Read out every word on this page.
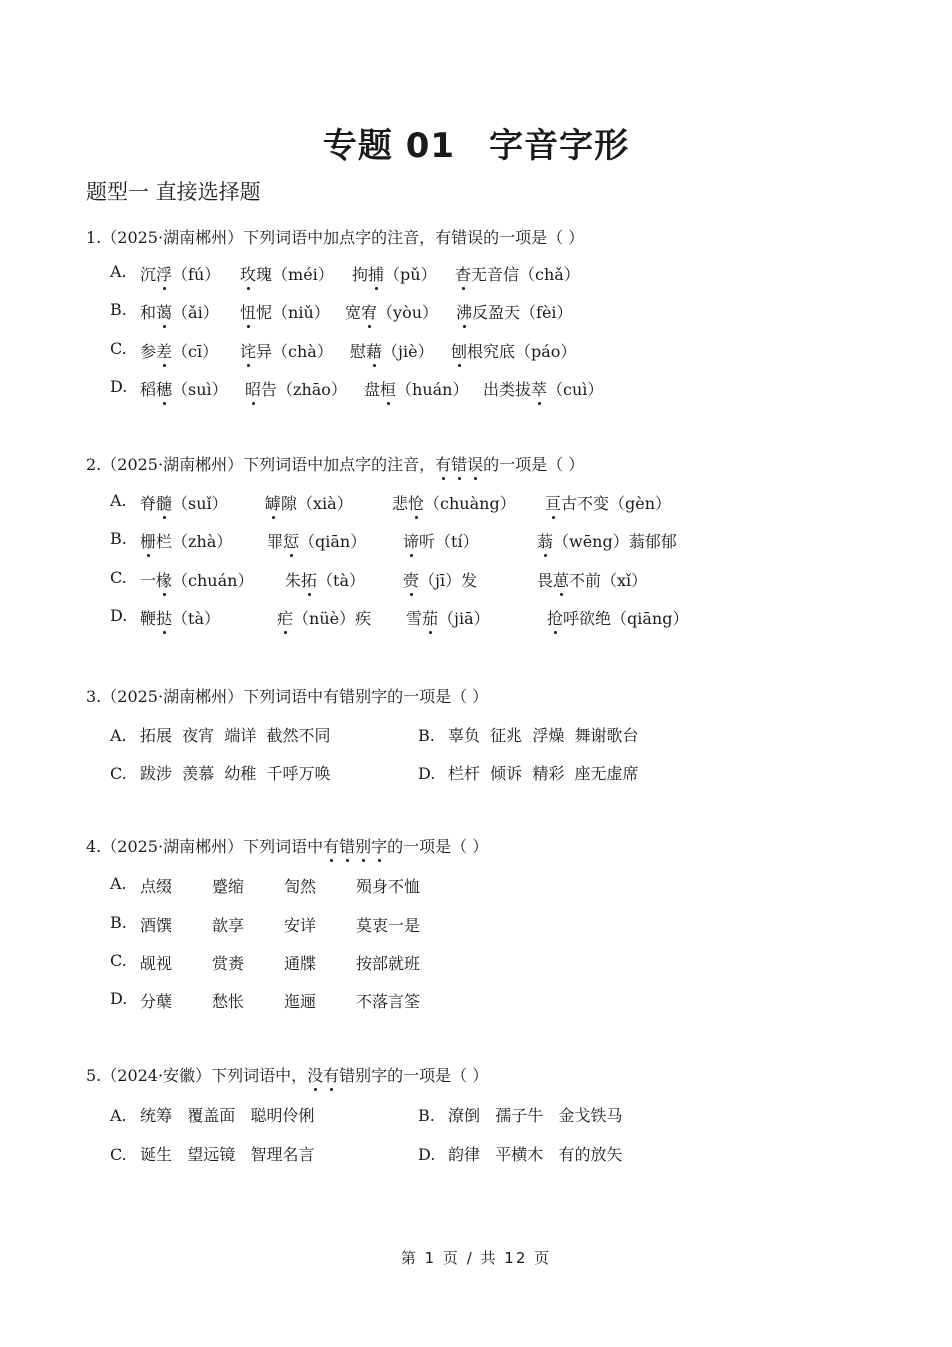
专题 01 字音字形
题型一 直接选择题
1.（2025·湖南郴州）下列词语中加点字的注音，有错误的一项是（ ）
2.（2025·湖南郴州）下列词语中加点字的注音，有错误的一项是（ ）
3.（2025·湖南郴州）下列词语中有错别字的一项是（ ）
A. 拓展  夜宵  端详  截然不同	B. 辜负  征兆  浮燥  舞谢歌台
C. 跋涉  羡慕  幼稚  千呼万唤	D. 栏杆  倾诉  精彩  座无虚席
4.（2025·湖南郴州）下列词语中有错别字的一项是（ ）
5.（2024·安徽）下列词语中，没有错别字的一项是（ ）
A. 统筹   覆盖面   聪明伶俐	B. 潦倒   孺子牛   金戈铁马
C. 诞生   望远镜   智理名言	D. 韵律   平横木   有的放矢
第 1 页 / 共 12 页
A. 沉浮（fú） 玫瑰（méi） 拘捕（pǔ） 杳无音信（chǎ）
B. 和蔼（ǎi） 忸怩（niǔ） 宽宥（yòu） 沸反盈天（fèi）
C. 参差（cī） 诧异（chà） 慰藉（jiè） 刨根究底（páo）
D. 稻穗（suì） 昭告（zhāo） 盘桓（huán） 出类拔萃（cuì）
A. 脊髓（suǐ） 罅隙（xià） 悲怆（chuàng） 亘古不变（gèn）
B. 栅栏（zhà） 罪愆（qiān） 谛听（tí）	蓊（wēng）蓊郁郁
C. 一椽（chuán） 朱拓（tà） 赍（jī）发	畏葸不前（xǐ）
D. 鞭挞（tà）	疟（nüè）疾 雪茄（jiā）	抢呼欲绝（qiāng）
A. 点缀 蹙缩 訇然 殒身不恤
B. 酒馔 歆享 安详 莫衷一是
C. 觇视 赏赉 通牒 按部就班
D. 分蘖 愁怅 迤逦 不落言筌
